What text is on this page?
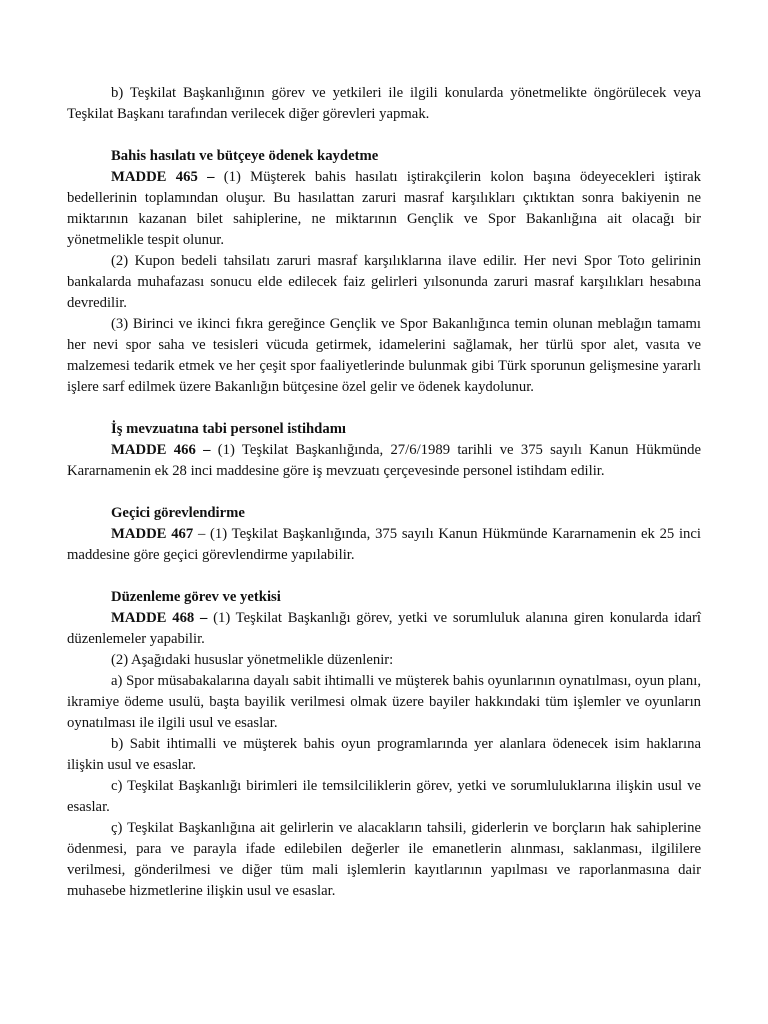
b) Teşkilat Başkanlığının görev ve yetkileri ile ilgili konularda yönetmelikte öngörülecek veya Teşkilat Başkanı tarafından verilecek diğer görevleri yapmak.

Bahis hasılatı ve bütçeye ödenek kaydetme

MADDE 465 – (1) Müşterek bahis hasılatı iştirakçilerin kolon başına ödeyecekleri iştirak bedellerinin toplamından oluşur. Bu hasılattan zaruri masraf karşılıkları çıktıktan sonra bakiyenin ne miktarının kazanan bilet sahiplerine, ne miktarının Gençlik ve Spor Bakanlığına ait olacağı bir yönetmelikle tespit olunur.

(2) Kupon bedeli tahsilatı zaruri masraf karşılıklarına ilave edilir. Her nevi Spor Toto gelirinin bankalarda muhafazası sonucu elde edilecek faiz gelirleri yılsonunda zaruri masraf karşılıkları hesabına devredilir.

(3) Birinci ve ikinci fıkra gereğince Gençlik ve Spor Bakanlığınca temin olunan meblağın tamamı her nevi spor saha ve tesisleri vücuda getirmek, idamelerini sağlamak, her türlü spor alet, vasıta ve malzemesi tedarik etmek ve her çeşit spor faaliyetlerinde bulunmak gibi Türk sporunun gelişmesine yararlı işlere sarf edilmek üzere Bakanlığın bütçesine özel gelir ve ödenek kaydolunur.

İş mevzuatına tabi personel istihdamı

MADDE 466 – (1) Teşkilat Başkanlığında, 27/6/1989 tarihli ve 375 sayılı Kanun Hükmünde Kararnamenin ek 28 inci maddesine göre iş mevzuatı çerçevesinde personel istihdam edilir.

Geçici görevlendirme

MADDE 467 – (1) Teşkilat Başkanlığında, 375 sayılı Kanun Hükmünde Kararnamenin ek 25 inci maddesine göre geçici görevlendirme yapılabilir.

Düzenleme görev ve yetkisi

MADDE 468 – (1) Teşkilat Başkanlığı görev, yetki ve sorumluluk alanına giren konularda idarî düzenlemeler yapabilir.

(2) Aşağıdaki hususlar yönetmelikle düzenlenir:

a) Spor müsabakalarına dayalı sabit ihtimalli ve müşterek bahis oyunlarının oynatılması, oyun planı, ikramiye ödeme usulü, başta bayilik verilmesi olmak üzere bayiler hakkındaki tüm işlemler ve oyunların oynatılması ile ilgili usul ve esaslar.

b) Sabit ihtimalli ve müşterek bahis oyun programlarında yer alanlara ödenecek isim haklarına ilişkin usul ve esaslar.

c) Teşkilat Başkanlığı birimleri ile temsilciliklerin görev, yetki ve sorumluluklarına ilişkin usul ve esaslar.

ç) Teşkilat Başkanlığına ait gelirlerin ve alacakların tahsili, giderlerin ve borçların hak sahiplerine ödenmesi, para ve parayla ifade edilebilen değerler ile emanetlerin alınması, saklanması, ilgililere verilmesi, gönderilmesi ve diğer tüm mali işlemlerin kayıtlarının yapılması ve raporlanmasına dair muhasebe hizmetlerine ilişkin usul ve esaslar.
